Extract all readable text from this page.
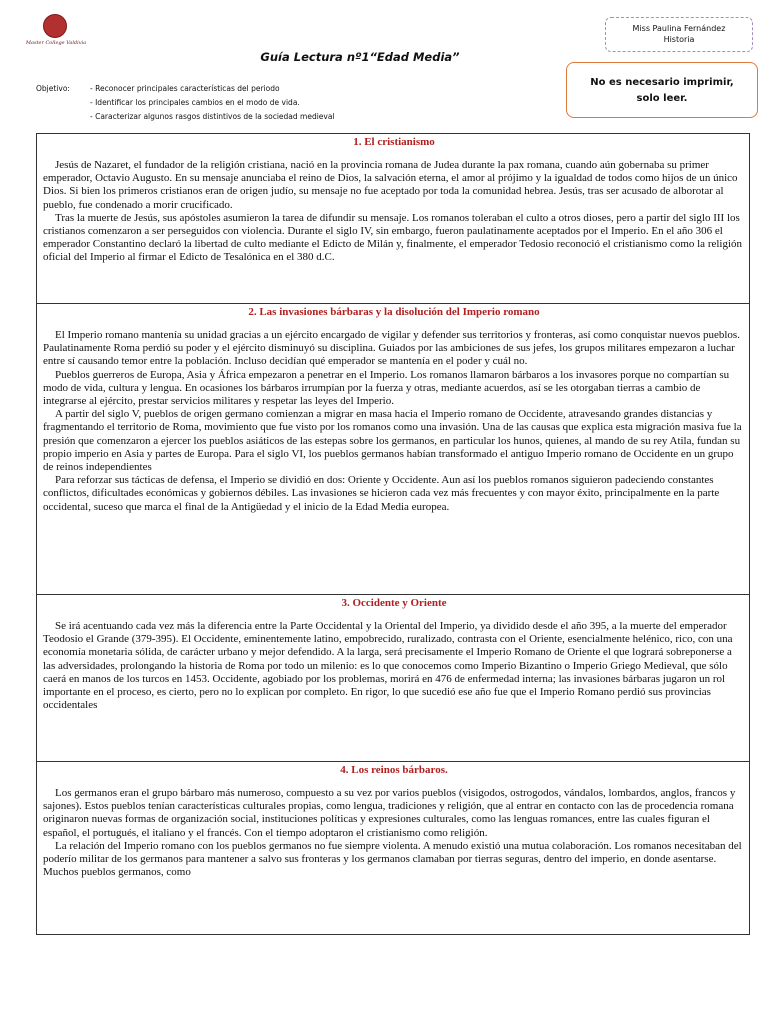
Master College Valdivia
Miss Paulina Fernández
Historia
No es necesario imprimir,
solo leer.
Guía Lectura nº1“Edad Media”
Objetivo:	- Reconocer principales características del periodo
- Identificar los principales cambios en el modo de vida.
- Caracterizar algunos rasgos distintivos de la sociedad medieval
1. El cristianismo

Jesús de Nazaret, el fundador de la religión cristiana, nació en la provincia romana de Judea durante la pax romana, cuando aún gobernaba su primer emperador, Octavio Augusto. En su mensaje anunciaba el reino de Dios, la salvación eterna, el amor al prójimo y la igualdad de todos como hijos de un único Dios. Si bien los primeros cristianos eran de origen judío, su mensaje no fue aceptado por toda la comunidad hebrea. Jesús, tras ser acusado de alborotar al pueblo, fue condenado a morir crucificado.

Tras la muerte de Jesús, sus apóstoles asumieron la tarea de difundir su mensaje. Los romanos toleraban el culto a otros dioses, pero a partir del siglo III los cristianos comenzaron a ser perseguidos con violencia. Durante el siglo IV, sin embargo, fueron paulatinamente aceptados por el Imperio. En el año 306 el emperador Constantino declaró la libertad de culto mediante el Edicto de Milán y, finalmente, el emperador Tedosio reconoció el cristianismo como la religión oficial del Imperio al firmar el Edicto de Tesalónica en el 380 d.C.

2. Las invasiones bárbaras y la disolución del Imperio romano

El Imperio romano mantenía su unidad gracias a un ejército encargado de vigilar y defender sus territorios y fronteras, así como conquistar nuevos pueblos. Paulatinamente Roma perdió su poder y el ejército disminuyó su disciplina. Guiados por las ambiciones de sus jefes, los grupos militares empezaron a luchar entre sí causando temor entre la población. Incluso decidían qué emperador se mantenía en el poder y cuál no.

Pueblos guerreros de Europa, Asia y África empezaron a penetrar en el Imperio. Los romanos llamaron bárbaros a los invasores porque no compartían su modo de vida, cultura y lengua. En ocasiones los bárbaros irrumpían por la fuerza y otras, mediante acuerdos, así se les otorgaban tierras a cambio de integrarse al ejército, prestar servicios militares y respetar las leyes del Imperio.

A partir del siglo V, pueblos de origen germano comienzan a migrar en masa hacia el Imperio romano de Occidente, atravesando grandes distancias y fragmentando el territorio de Roma, movimiento que fue visto por los romanos como una invasión. Una de las causas que explica esta migración masiva fue la presión que comenzaron a ejercer los pueblos asiáticos de las estepas sobre los germanos, en particular los hunos, quienes, al mando de su rey Atila, fundan su propio imperio en Asia y partes de Europa. Para el siglo VI, los pueblos germanos habían transformado el antiguo Imperio romano de Occidente en un grupo de reinos independientes

Para reforzar sus tácticas de defensa, el Imperio se dividió en dos: Oriente y Occidente. Aun así los pueblos romanos siguieron padeciendo constantes conflictos, dificultades económicas y gobiernos débiles. Las invasiones se hicieron cada vez más frecuentes y con mayor éxito, principalmente en la parte occidental, suceso que marca el final de la Antigüedad y el inicio de la Edad Media europea.

3. Occidente y Oriente

Se irá acentuando cada vez más la diferencia entre la Parte Occidental y la Oriental del Imperio, ya dividido desde el año 395, a la muerte del emperador Teodosio el Grande (379-395). El Occidente, eminentemente latino, empobrecido, ruralizado, contrasta con el Oriente, esencialmente helénico, rico, con una economía monetaria sólida, de carácter urbano y mejor defendido. A la larga, será precisamente el Imperio Romano de Oriente el que logrará sobreponerse a las adversidades, prolongando la historia de Roma por todo un milenio: es lo que conocemos como Imperio Bizantino o Imperio Griego Medieval, que sólo caerá en manos de los turcos en 1453. Occidente, agobiado por los problemas, morirá en 476 de enfermedad interna; las invasiones bárbaras jugaron un rol importante en el proceso, es cierto, pero no lo explican por completo. En rigor, lo que sucedió ese año fue que el Imperio Romano perdió sus provincias occidentales

4. Los reinos bárbaros.

Los germanos eran el grupo bárbaro más numeroso, compuesto a su vez por varios pueblos (visigodos, ostrogodos, vándalos, lombardos, anglos, francos y sajones). Estos pueblos tenían características culturales propias, como lengua, tradiciones y religión, que al entrar en contacto con las de procedencia romana originaron nuevas formas de organización social, instituciones políticas y expresiones culturales, como las lenguas romances, entre las cuales figuran el español, el portugués, el italiano y el francés. Con el tiempo adoptaron el cristianismo como religión.

La relación del Imperio romano con los pueblos germanos no fue siempre violenta. A menudo existió una mutua colaboración. Los romanos necesitaban del poderío militar de los germanos para mantener a salvo sus fronteras y los germanos clamaban por tierras seguras, dentro del imperio, en donde asentarse. Muchos pueblos germanos, como
